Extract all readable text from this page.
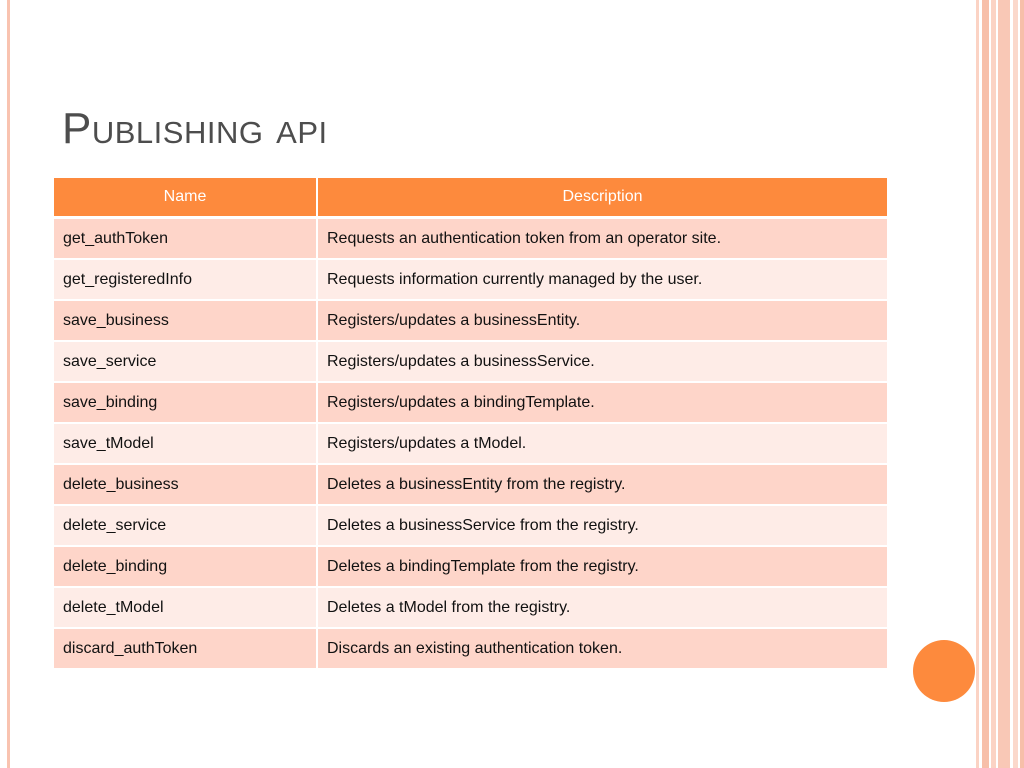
Publishing api
Name	Description
get_authToken	Requests an authentication token from an operator site.
get_registeredInfo	Requests information currently managed by the user.
save_business	Registers/updates a businessEntity.
save_service	Registers/updates a businessService.
save_binding	Registers/updates a bindingTemplate.
save_tModel	Registers/updates a tModel.
delete_business	Deletes a businessEntity from the registry.
delete_service	Deletes a businessService from the registry.
delete_binding	Deletes a bindingTemplate from the registry.
delete_tModel	Deletes a tModel from the registry.
discard_authToken	Discards an existing authentication token.
